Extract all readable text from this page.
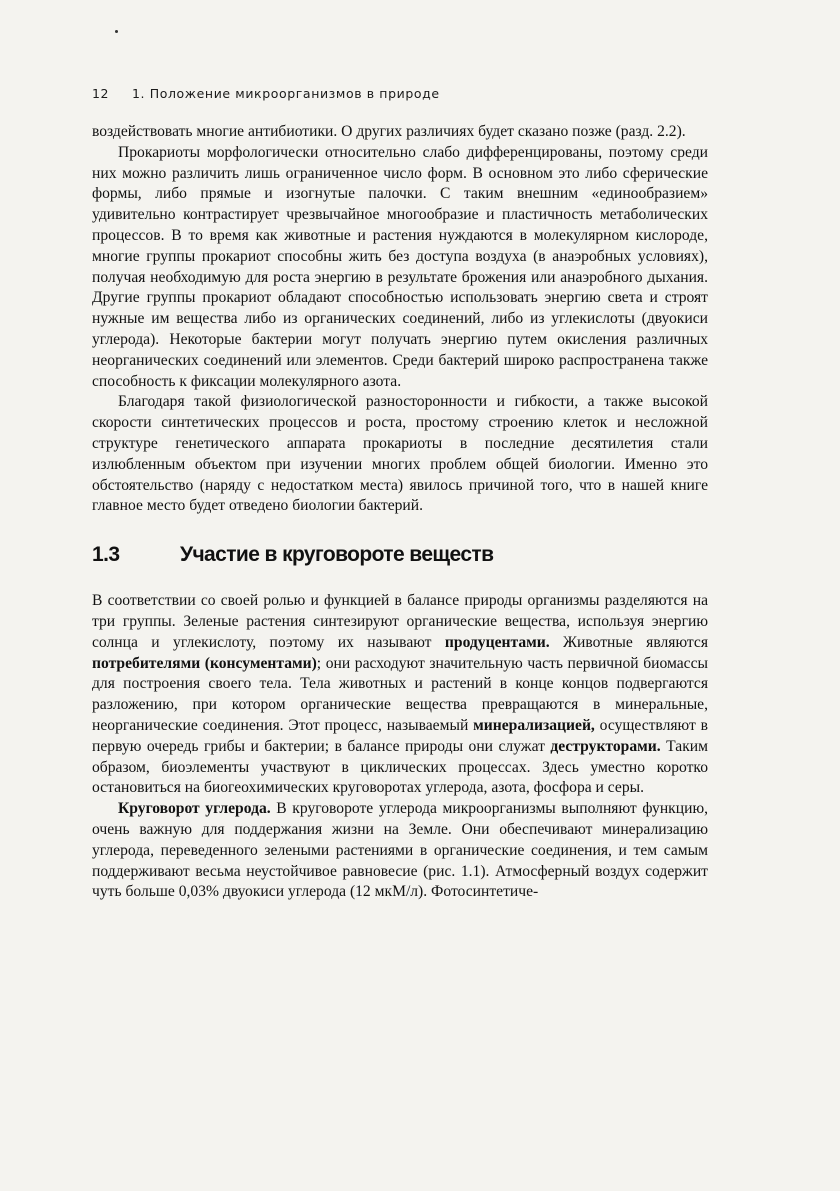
12 1. Положение микроорганизмов в природе

воздействовать многие антибиотики. О других различиях будет сказано позже (разд. 2.2).

Прокариоты морфологически относительно слабо дифференцированы, поэтому среди них можно различить лишь ограниченное число форм. В основном это либо сферические формы, либо прямые и изогнутые палочки. С таким внешним «единообразием» удивительно контрастирует чрезвычайное многообразие и пластичность метаболических процессов. В то время как животные и растения нуждаются в молекулярном кислороде, многие группы прокариот способны жить без доступа воздуха (в анаэробных условиях), получая необходимую для роста энергию в результате брожения или анаэробного дыхания. Другие группы прокариот обладают способностью использовать энергию света и строят нужные им вещества либо из органических соединений, либо из углекислоты (двуокиси углерода). Некоторые бактерии могут получать энергию путем окисления различных неорганических соединений или элементов. Среди бактерий широко распространена также способность к фиксации молекулярного азота.

Благодаря такой физиологической разносторонности и гибкости, а также высокой скорости синтетических процессов и роста, простому строению клеток и несложной структуре генетического аппарата прокариоты в последние десятилетия стали излюбленным объектом при изучении многих проблем общей биологии. Именно это обстоятельство (наряду с недостатком места) явилось причиной того, что в нашей книге главное место будет отведено биологии бактерий.

1.3	Участие в круговороте веществ

В соответствии со своей ролью и функцией в балансе природы организмы разделяются на три группы. Зеленые растения синтезируют органические вещества, используя энергию солнца и углекислоту, поэтому их называют продуцентами. Животные являются потребителями (консументами); они расходуют значительную часть первичной биомассы для построения своего тела. Тела животных и растений в конце концов подвергаются разложению, при котором органические вещества превращаются в минеральные, неорганические соединения. Этот процесс, называемый минерализацией, осуществляют в первую очередь грибы и бактерии; в балансе природы они служат деструкторами. Таким образом, биоэлементы участвуют в циклических процессах. Здесь уместно коротко остановиться на биогеохимических круговоротах углерода, азота, фосфора и серы.

Круговорот углерода. В круговороте углерода микроорганизмы выполняют функцию, очень важную для поддержания жизни на Земле. Они обеспечивают минерализацию углерода, переведенного зелеными растениями в органические соединения, и тем самым поддерживают весьма неустойчивое равновесие (рис. 1.1). Атмосферный воздух содержит чуть больше 0,03% двуокиси углерода (12 мкМ/л). Фотосинтетиче-
